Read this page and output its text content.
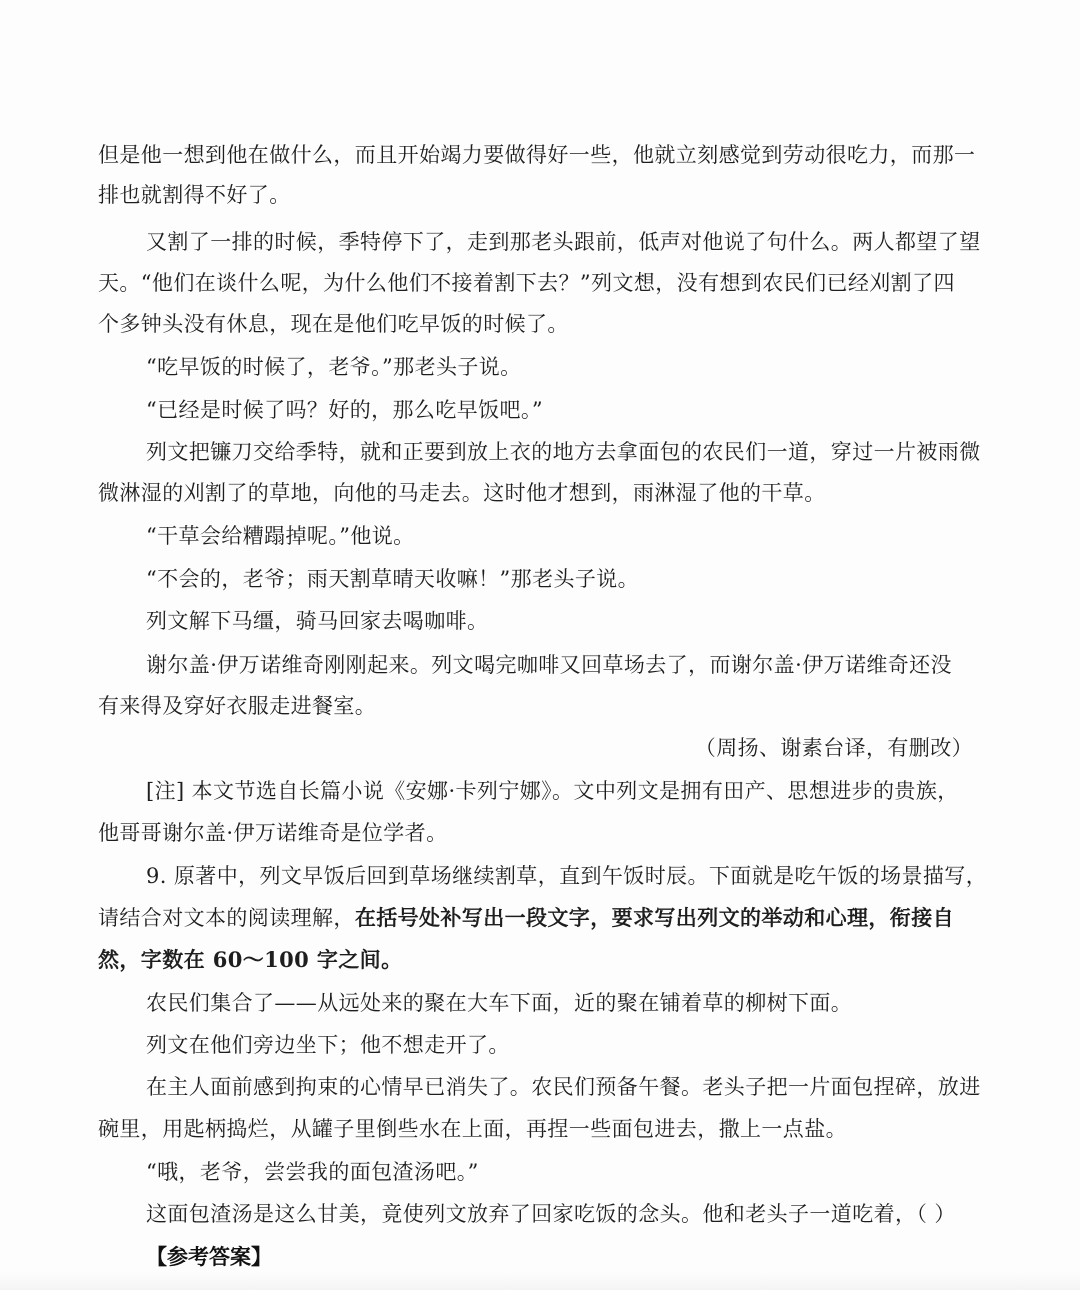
但是他一想到他在做什么，而且开始竭力要做得好一些，他就立刻感觉到劳动很吃力，而那一
排也就割得不好了。
又割了一排的时候，季特停下了，走到那老头跟前，低声对他说了句什么。两人都望了望
天。“他们在谈什么呢，为什么他们不接着割下去？”列文想，没有想到农民们已经刈割了四
个多钟头没有休息，现在是他们吃早饭的时候了。
“吃早饭的时候了，老爷。”那老头子说。
“已经是时候了吗？好的，那么吃早饭吧。”
列文把镰刀交给季特，就和正要到放上衣的地方去拿面包的农民们一道，穿过一片被雨微
微淋湿的刈割了的草地，向他的马走去。这时他才想到，雨淋湿了他的干草。
“干草会给糟蹋掉呢。”他说。
“不会的，老爷；雨天割草晴天收嘛！”那老头子说。
列文解下马缰，骑马回家去喝咖啡。
谢尔盖·伊万诺维奇刚刚起来。列文喝完咖啡又回草场去了，而谢尔盖·伊万诺维奇还没
有来得及穿好衣服走进餐室。
（周扬、谢素台译，有删改）
[注] 本文节选自长篇小说《安娜·卡列宁娜》。文中列文是拥有田产、思想进步的贵族，
他哥哥谢尔盖·伊万诺维奇是位学者。
9. 原著中，列文早饭后回到草场继续割草，直到午饭时辰。下面就是吃午饭的场景描写，
请结合对文本的阅读理解，在括号处补写出一段文字，要求写出列文的举动和心理，衔接自
然，字数在 60～100 字之间。
农民们集合了——从远处来的聚在大车下面，近的聚在铺着草的柳树下面。
列文在他们旁边坐下；他不想走开了。
在主人面前感到拘束的心情早已消失了。农民们预备午餐。老头子把一片面包捏碎，放进
碗里，用匙柄捣烂，从罐子里倒些水在上面，再捏一些面包进去，撒上一点盐。
“哦，老爷，尝尝我的面包渣汤吧。”
这面包渣汤是这么甘美，竟使列文放弃了回家吃饭的念头。他和老头子一道吃着，（ ）
【参考答案】
